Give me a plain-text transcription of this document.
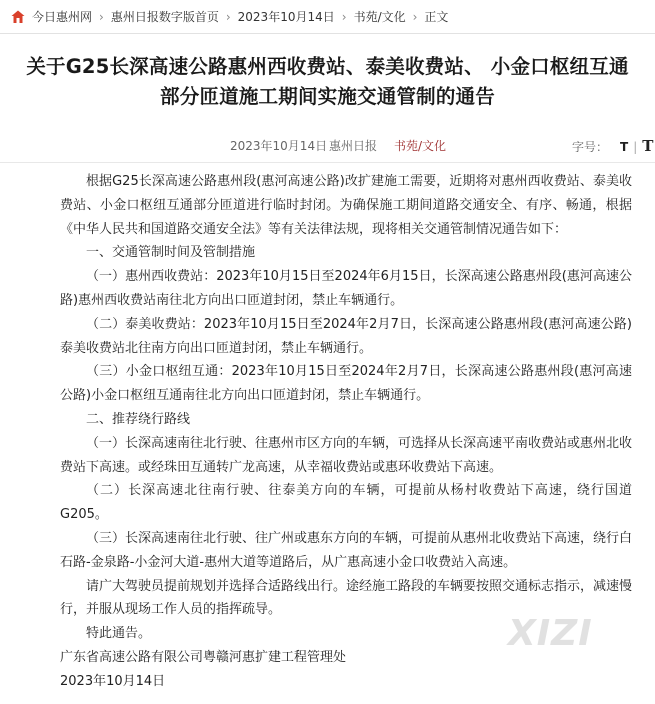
今日惠州网 › 惠州日报数字版首页 › 2023年10月14日 › 书苑/文化 › 正文
关于G25长深高速公路惠州西收费站、泰美收费站、 小金口枢纽互通
部分匝道施工期间实施交通管制的通告
2023年10月14日 惠州日报 书苑/文化	字号： T | T

根据G25长深高速公路惠州段(惠河高速公路)改扩建施工需要，近期将对惠州西收费站、泰美收费站、小金口枢纽互通部分匝道进行临时封闭。为确保施工期间道路交通安全、有序、畅通，根据《中华人民共和国道路交通安全法》等有关法律法规，现将相关交通管制情况通告如下：

一、交通管制时间及管制措施

（一）惠州西收费站：2023年10月15日至2024年6月15日，长深高速公路惠州段(惠河高速公路)惠州西收费站南往北方向出口匝道封闭，禁止车辆通行。

（二）泰美收费站：2023年10月15日至2024年2月7日，长深高速公路惠州段(惠河高速公路)泰美收费站北往南方向出口匝道封闭，禁止车辆通行。

（三）小金口枢纽互通：2023年10月15日至2024年2月7日，长深高速公路惠州段(惠河高速公路)小金口枢纽互通南往北方向出口匝道封闭，禁止车辆通行。

二、推荐绕行路线

（一）长深高速南往北行驶、往惠州市区方向的车辆，可选择从长深高速平南收费站或惠州北收费站下高速。或经珠田互通转广龙高速，从幸福收费站或惠环收费站下高速。

（二）长深高速北往南行驶、往泰美方向的车辆，可提前从杨村收费站下高速，绕行国道G205。

（三）长深高速南往北行驶、往广州或惠东方向的车辆，可提前从惠州北收费站下高速，绕行白石路-金泉路-小金河大道-惠州大道等道路后，从广惠高速小金口收费站入高速。

请广大驾驶员提前规划并选择合适路线出行。途经施工路段的车辆要按照交通标志指示，减速慢行，并服从现场工作人员的指挥疏导。

特此通告。

广东省高速公路有限公司粤赣河惠扩建工程管理处

2023年10月14日

XIZI
